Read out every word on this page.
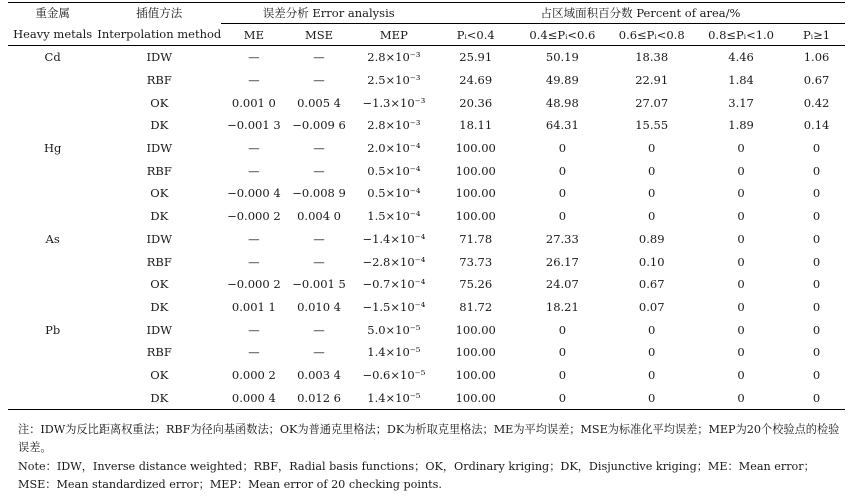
重金属	插值方法	误差分析 Error analysis			占区域面积百分数 Percent of area/%				
Heavy metals	Interpolation method	ME	MSE	MEP	Pᵢ<0.4	0.4≤Pᵢ<0.6	0.6≤Pᵢ<0.8	0.8≤Pᵢ<1.0	Pᵢ≥1
Cd	IDW	—	—	2.8×10⁻³	25.91	50.19	18.38	4.46	1.06
	RBF	—	—	2.5×10⁻³	24.69	49.89	22.91	1.84	0.67
	OK	0.001 0	0.005 4	−1.3×10⁻³	20.36	48.98	27.07	3.17	0.42
	DK	−0.001 3	−0.009 6	2.8×10⁻³	18.11	64.31	15.55	1.89	0.14
Hg	IDW	—	—	2.0×10⁻⁴	100.00	0	0	0	0
	RBF	—	—	0.5×10⁻⁴	100.00	0	0	0	0
	OK	−0.000 4	−0.008 9	0.5×10⁻⁴	100.00	0	0	0	0
	DK	−0.000 2	0.004 0	1.5×10⁻⁴	100.00	0	0	0	0
As	IDW	—	—	−1.4×10⁻⁴	71.78	27.33	0.89	0	0
	RBF	—	—	−2.8×10⁻⁴	73.73	26.17	0.10	0	0
	OK	−0.000 2	−0.001 5	−0.7×10⁻⁴	75.26	24.07	0.67	0	0
	DK	0.001 1	0.010 4	−1.5×10⁻⁴	81.72	18.21	0.07	0	0
Pb	IDW	—	—	5.0×10⁻⁵	100.00	0	0	0	0
	RBF	—	—	1.4×10⁻⁵	100.00	0	0	0	0
	OK	0.000 2	0.003 4	−0.6×10⁻⁵	100.00	0	0	0	0
	DK	0.000 4	0.012 6	1.4×10⁻⁵	100.00	0	0	0	0
注：IDW为反比距离权重法；RBF为径向基函数法；OK为普通克里格法；DK为析取克里格法；ME为平均误差；MSE为标准化平均误差；MEP为20个校验点的检验误差。
Note：IDW，Inverse distance weighted；RBF，Radial basis functions；OK，Ordinary kriging；DK，Disjunctive kriging；ME：Mean error；MSE：Mean standardized error；MEP：Mean error of 20 checking points.
